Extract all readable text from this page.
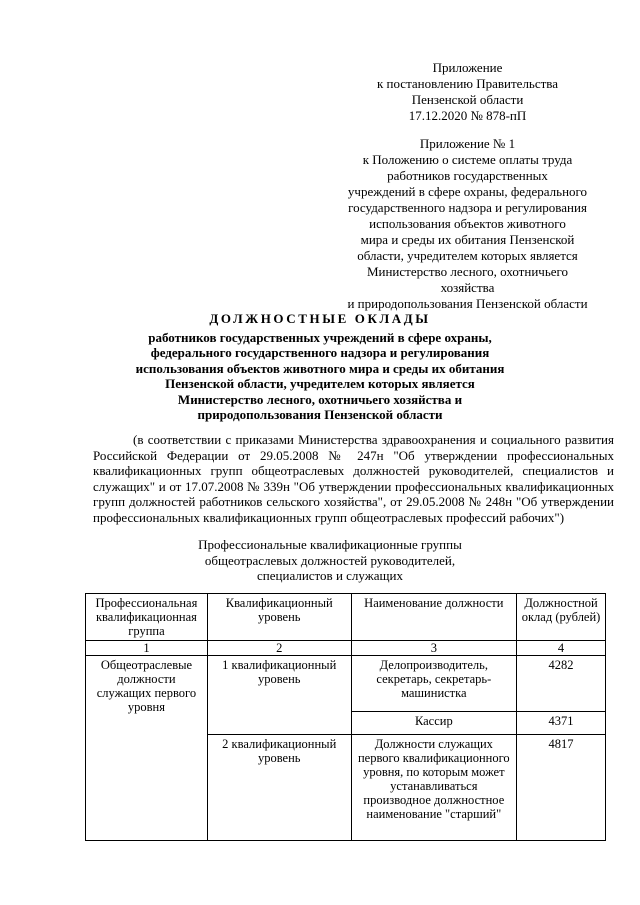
Приложение
к постановлению Правительства
Пензенской области
17.12.2020 № 878-пП
Приложение № 1
к Положению о системе оплаты труда
работников государственных
учреждений в сфере охраны, федерального
государственного надзора и регулирования
использования объектов животного
мира и среды их обитания Пензенской
области, учредителем которых является
Министерство лесного, охотничьего хозяйства
и природопользования Пензенской области
ДОЛЖНОСТНЫЕ ОКЛАДЫ
работников государственных учреждений в сфере охраны,
федерального государственного надзора и регулирования
использования объектов животного мира и среды их обитания
Пензенской области, учредителем которых является
Министерство лесного, охотничьего хозяйства и
природопользования Пензенской области
(в соответствии с приказами Министерства здравоохранения и социального развития Российской Федерации от 29.05.2008 № 247н "Об утверждении профессиональных квалификационных групп общеотраслевых должностей руководителей, специалистов и служащих" и от 17.07.2008 № 339н "Об утверждении профессиональных квалификационных групп должностей работников сельского хозяйства", от 29.05.2008 № 248н "Об утверждении профессиональных квалификационных групп общеотраслевых профессий рабочих")
Профессиональные квалификационные группы
общеотраслевых должностей руководителей,
специалистов и служащих
Профессиональная квалификационная группа	Квалификационный уровень	Наименование должности	Должностной оклад (рублей)
1	2	3	4
Общеотраслевые должности служащих первого уровня	1 квалификационный уровень	Делопроизводитель, секретарь, секретарь-машинистка	4282
		Кассир	4371
	2 квалификационный уровень	Должности служащих первого квалификационного уровня, по которым может устанавливаться производное должностное наименование "старший"	4817
